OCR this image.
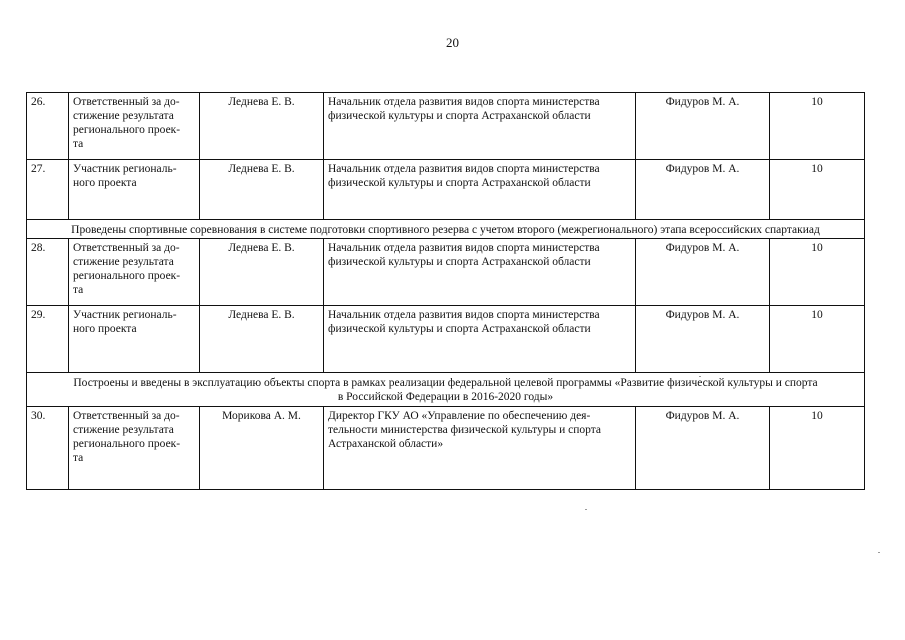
20
26.	Ответственный за до-
стижение результата
регионального проек-
та	Леднева Е. В.	Начальник отдела развития видов спорта министерства
физической культуры и спорта Астраханской области	Фидуров М. А.	10
27.	Участник региональ-
ного проекта	Леднева Е. В.	Начальник отдела развития видов спорта министерства
физической культуры и спорта Астраханской области	Фидуров М. А.	10
Проведены спортивные соревнования в системе подготовки спортивного резерва с учетом второго (межрегионального) этапа всероссийских спартакиад					
28.	Ответственный за до-
стижение результата
регионального проек-
та	Леднева Е. В.	Начальник отдела развития видов спорта министерства
физической культуры и спорта Астраханской области	Фидуров М. А.	10
29.	Участник региональ-
ного проекта	Леднева Е. В.	Начальник отдела развития видов спорта министерства
физической культуры и спорта Астраханской области	Фидуров М. А.	10
Построены и введены в эксплуатацию объекты спорта в рамках реализации федеральной целевой программы «Развитие физической культуры и спорта
в Российской Федерации в 2016-2020 годы»					
30.	Ответственный за до-
стижение результата
регионального проек-
та	Морикова А. М.	Директор ГКУ АО «Управление по обеспечению дея-
тельности министерства физической культуры и спорта
Астраханской области»	Фидуров М. А.	10
